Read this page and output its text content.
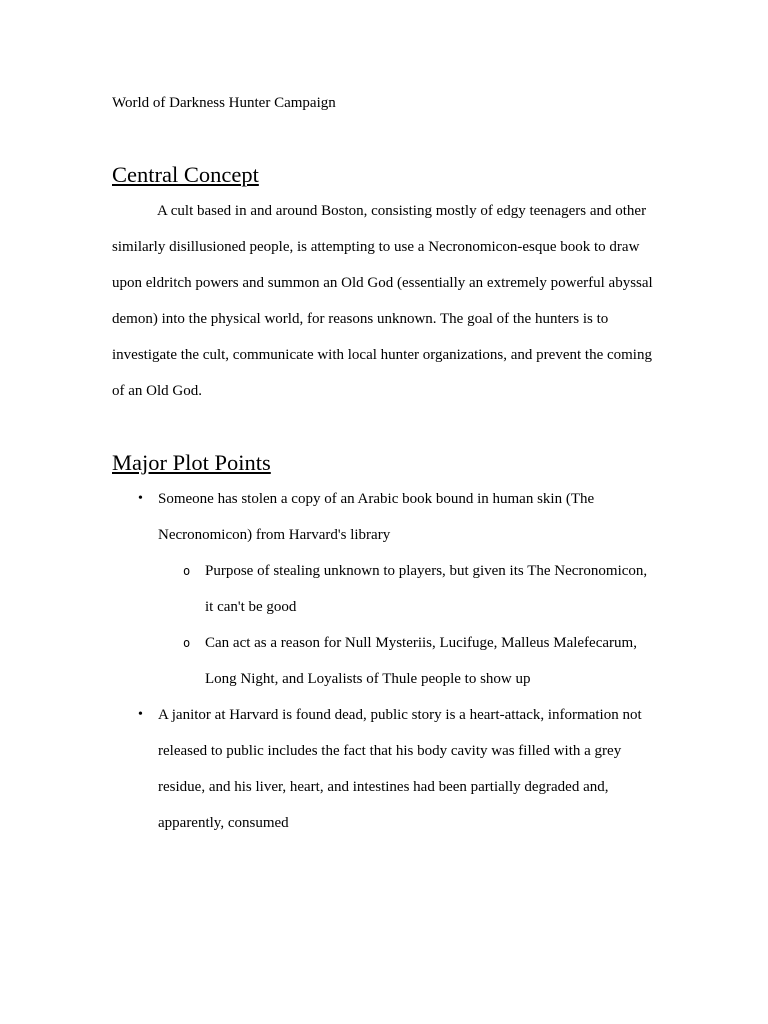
World of Darkness Hunter Campaign

Central Concept

A cult based in and around Boston, consisting mostly of edgy teenagers and other similarly disillusioned people, is attempting to use a Necronomicon-esque book to draw upon eldritch powers and summon an Old God (essentially an extremely powerful abyssal demon) into the physical world, for reasons unknown. The goal of the hunters is to investigate the cult, communicate with local hunter organizations, and prevent the coming of an Old God.

Major Plot Points
• Someone has stolen a copy of an Arabic book bound in human skin (The Necronomicon) from Harvard's library
o Purpose of stealing unknown to players, but given its The Necronomicon, it can't be good
o Can act as a reason for Null Mysteriis, Lucifuge, Malleus Malefecarum, Long Night, and Loyalists of Thule people to show up
• A janitor at Harvard is found dead, public story is a heart-attack, information not released to public includes the fact that his body cavity was filled with a grey residue, and his liver, heart, and intestines had been partially degraded and, apparently, consumed
